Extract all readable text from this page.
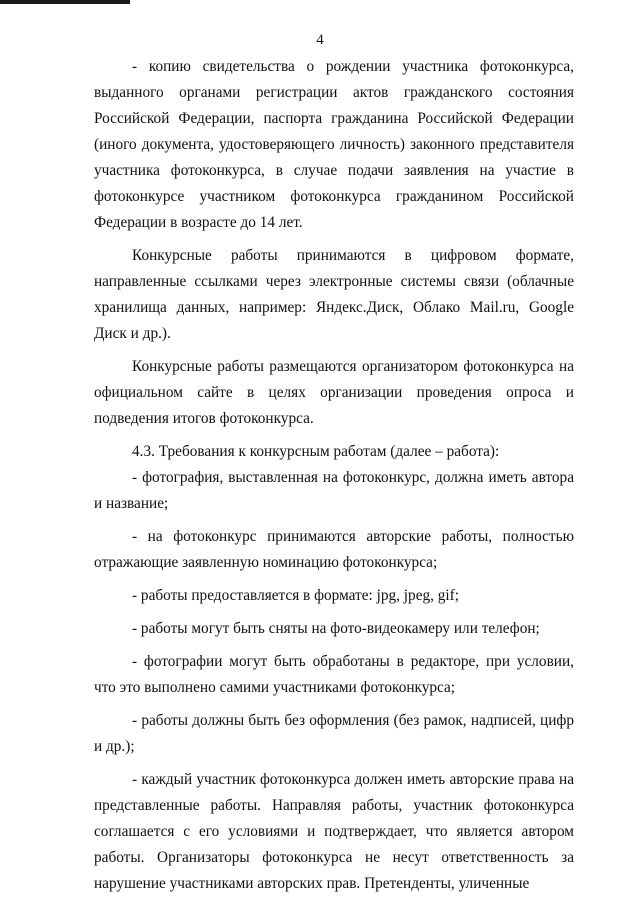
4

- копию свидетельства о рождении участника фотоконкурса, выданного органами регистрации актов гражданского состояния Российской Федерации, паспорта гражданина Российской Федерации (иного документа, удостоверяющего личность) законного представителя участника фотоконкурса, в случае подачи заявления на участие в фотоконкурсе участником фотоконкурса гражданином Российской Федерации в возрасте до 14 лет.

Конкурсные работы принимаются в цифровом формате, направленные ссылками через электронные системы связи (облачные хранилища данных, например: Яндекс.Диск, Облако Mail.ru, Google Диск и др.).

Конкурсные работы размещаются организатором фотоконкурса на официальном сайте в целях организации проведения опроса и подведения итогов фотоконкурса.

4.3. Требования к конкурсным работам (далее – работа):

- фотография, выставленная на фотоконкурс, должна иметь автора и название;

- на фотоконкурс принимаются авторские работы, полностью отражающие заявленную номинацию фотоконкурса;

- работы предоставляется в формате: jpg, jpeg, gif;

- работы могут быть сняты на фото-видеокамеру или телефон;

- фотографии могут быть обработаны в редакторе, при условии, что это выполнено самими участниками фотоконкурса;

- работы должны быть без оформления (без рамок, надписей, цифр и др.);

- каждый участник фотоконкурса должен иметь авторские права на представленные работы. Направляя работы, участник фотоконкурса соглашается с его условиями и подтверждает, что является автором работы. Организаторы фотоконкурса не несут ответственность за нарушение участниками авторских прав. Претенденты, уличенные
